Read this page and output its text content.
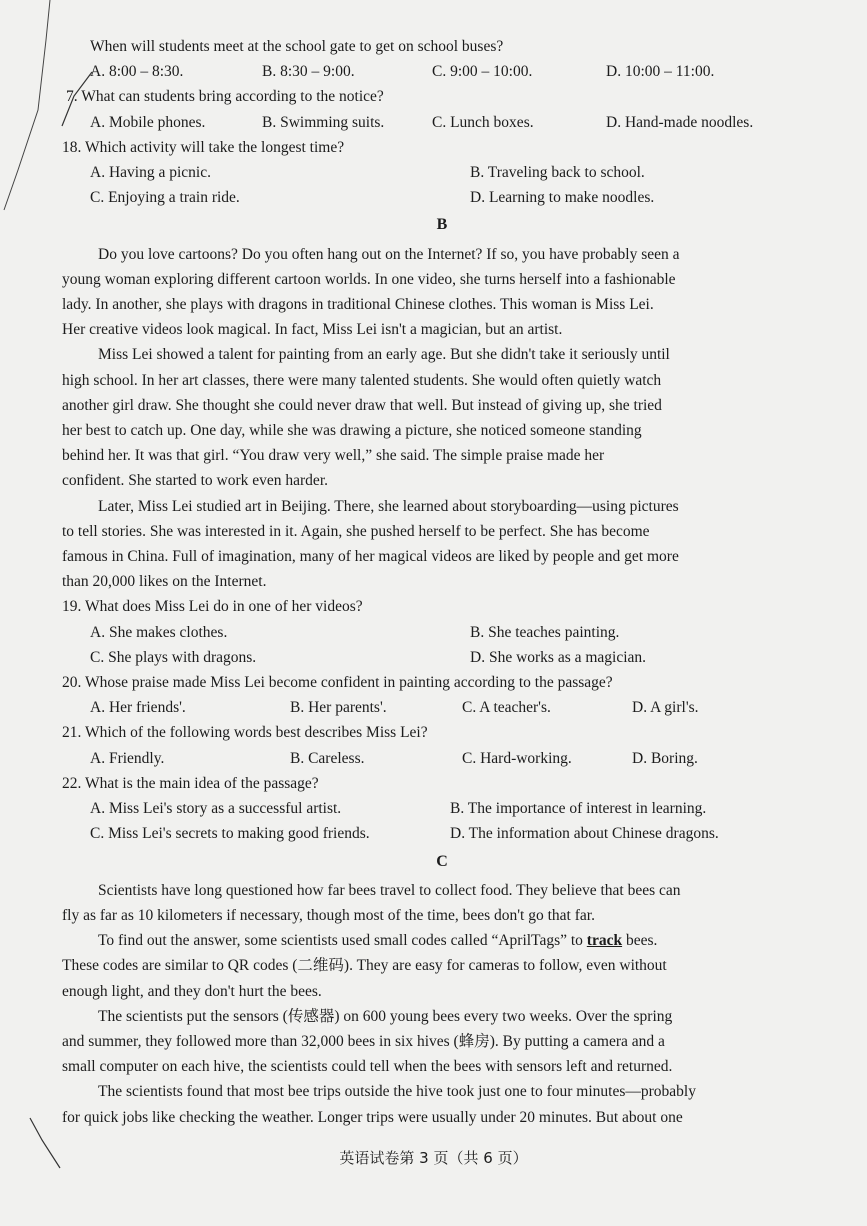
When will students meet at the school gate to get on school buses?
A. 8:00 – 8:30.	B. 8:30 – 9:00.	C. 9:00 – 10:00.	D. 10:00 – 11:00.
7. What can students bring according to the notice?
A. Mobile phones.	B. Swimming suits.	C. Lunch boxes.	D. Hand-made noodles.
18. Which activity will take the longest time?
A. Having a picnic.	B. Traveling back to school.
C. Enjoying a train ride.	D. Learning to make noodles.
B
Do you love cartoons? Do you often hang out on the Internet? If so, you have probably seen a
young woman exploring different cartoon worlds. In one video, she turns herself into a fashionable
lady. In another, she plays with dragons in traditional Chinese clothes. This woman is Miss Lei.
Her creative videos look magical. In fact, Miss Lei isn't a magician, but an artist.
Miss Lei showed a talent for painting from an early age. But she didn't take it seriously until
high school. In her art classes, there were many talented students. She would often quietly watch
another girl draw. She thought she could never draw that well. But instead of giving up, she tried
her best to catch up. One day, while she was drawing a picture, she noticed someone standing
behind her. It was that girl. “You draw very well,” she said. The simple praise made her
confident. She started to work even harder.
Later, Miss Lei studied art in Beijing. There, she learned about storyboarding—using pictures
to tell stories. She was interested in it. Again, she pushed herself to be perfect. She has become
famous in China. Full of imagination, many of her magical videos are liked by people and get more
than 20,000 likes on the Internet.
19. What does Miss Lei do in one of her videos?
A. She makes clothes.	B. She teaches painting.
C. She plays with dragons.	D. She works as a magician.
20. Whose praise made Miss Lei become confident in painting according to the passage?
A. Her friends'.	B. Her parents'.	C. A teacher's.	D. A girl's.
21. Which of the following words best describes Miss Lei?
A. Friendly.	B. Careless.	C. Hard-working.	D. Boring.
22. What is the main idea of the passage?
A. Miss Lei's story as a successful artist.	B. The importance of interest in learning.
C. Miss Lei's secrets to making good friends.	D. The information about Chinese dragons.
C
Scientists have long questioned how far bees travel to collect food. They believe that bees can
fly as far as 10 kilometers if necessary, though most of the time, bees don't go that far.
To find out the answer, some scientists used small codes called “AprilTags” to track bees.
These codes are similar to QR codes (二维码). They are easy for cameras to follow, even without
enough light, and they don't hurt the bees.
The scientists put the sensors (传感器) on 600 young bees every two weeks. Over the spring
and summer, they followed more than 32,000 bees in six hives (蜂房). By putting a camera and a
small computer on each hive, the scientists could tell when the bees with sensors left and returned.
The scientists found that most bee trips outside the hive took just one to four minutes—probably
for quick jobs like checking the weather. Longer trips were usually under 20 minutes. But about one
英语试卷第 3 页（共 6 页）
